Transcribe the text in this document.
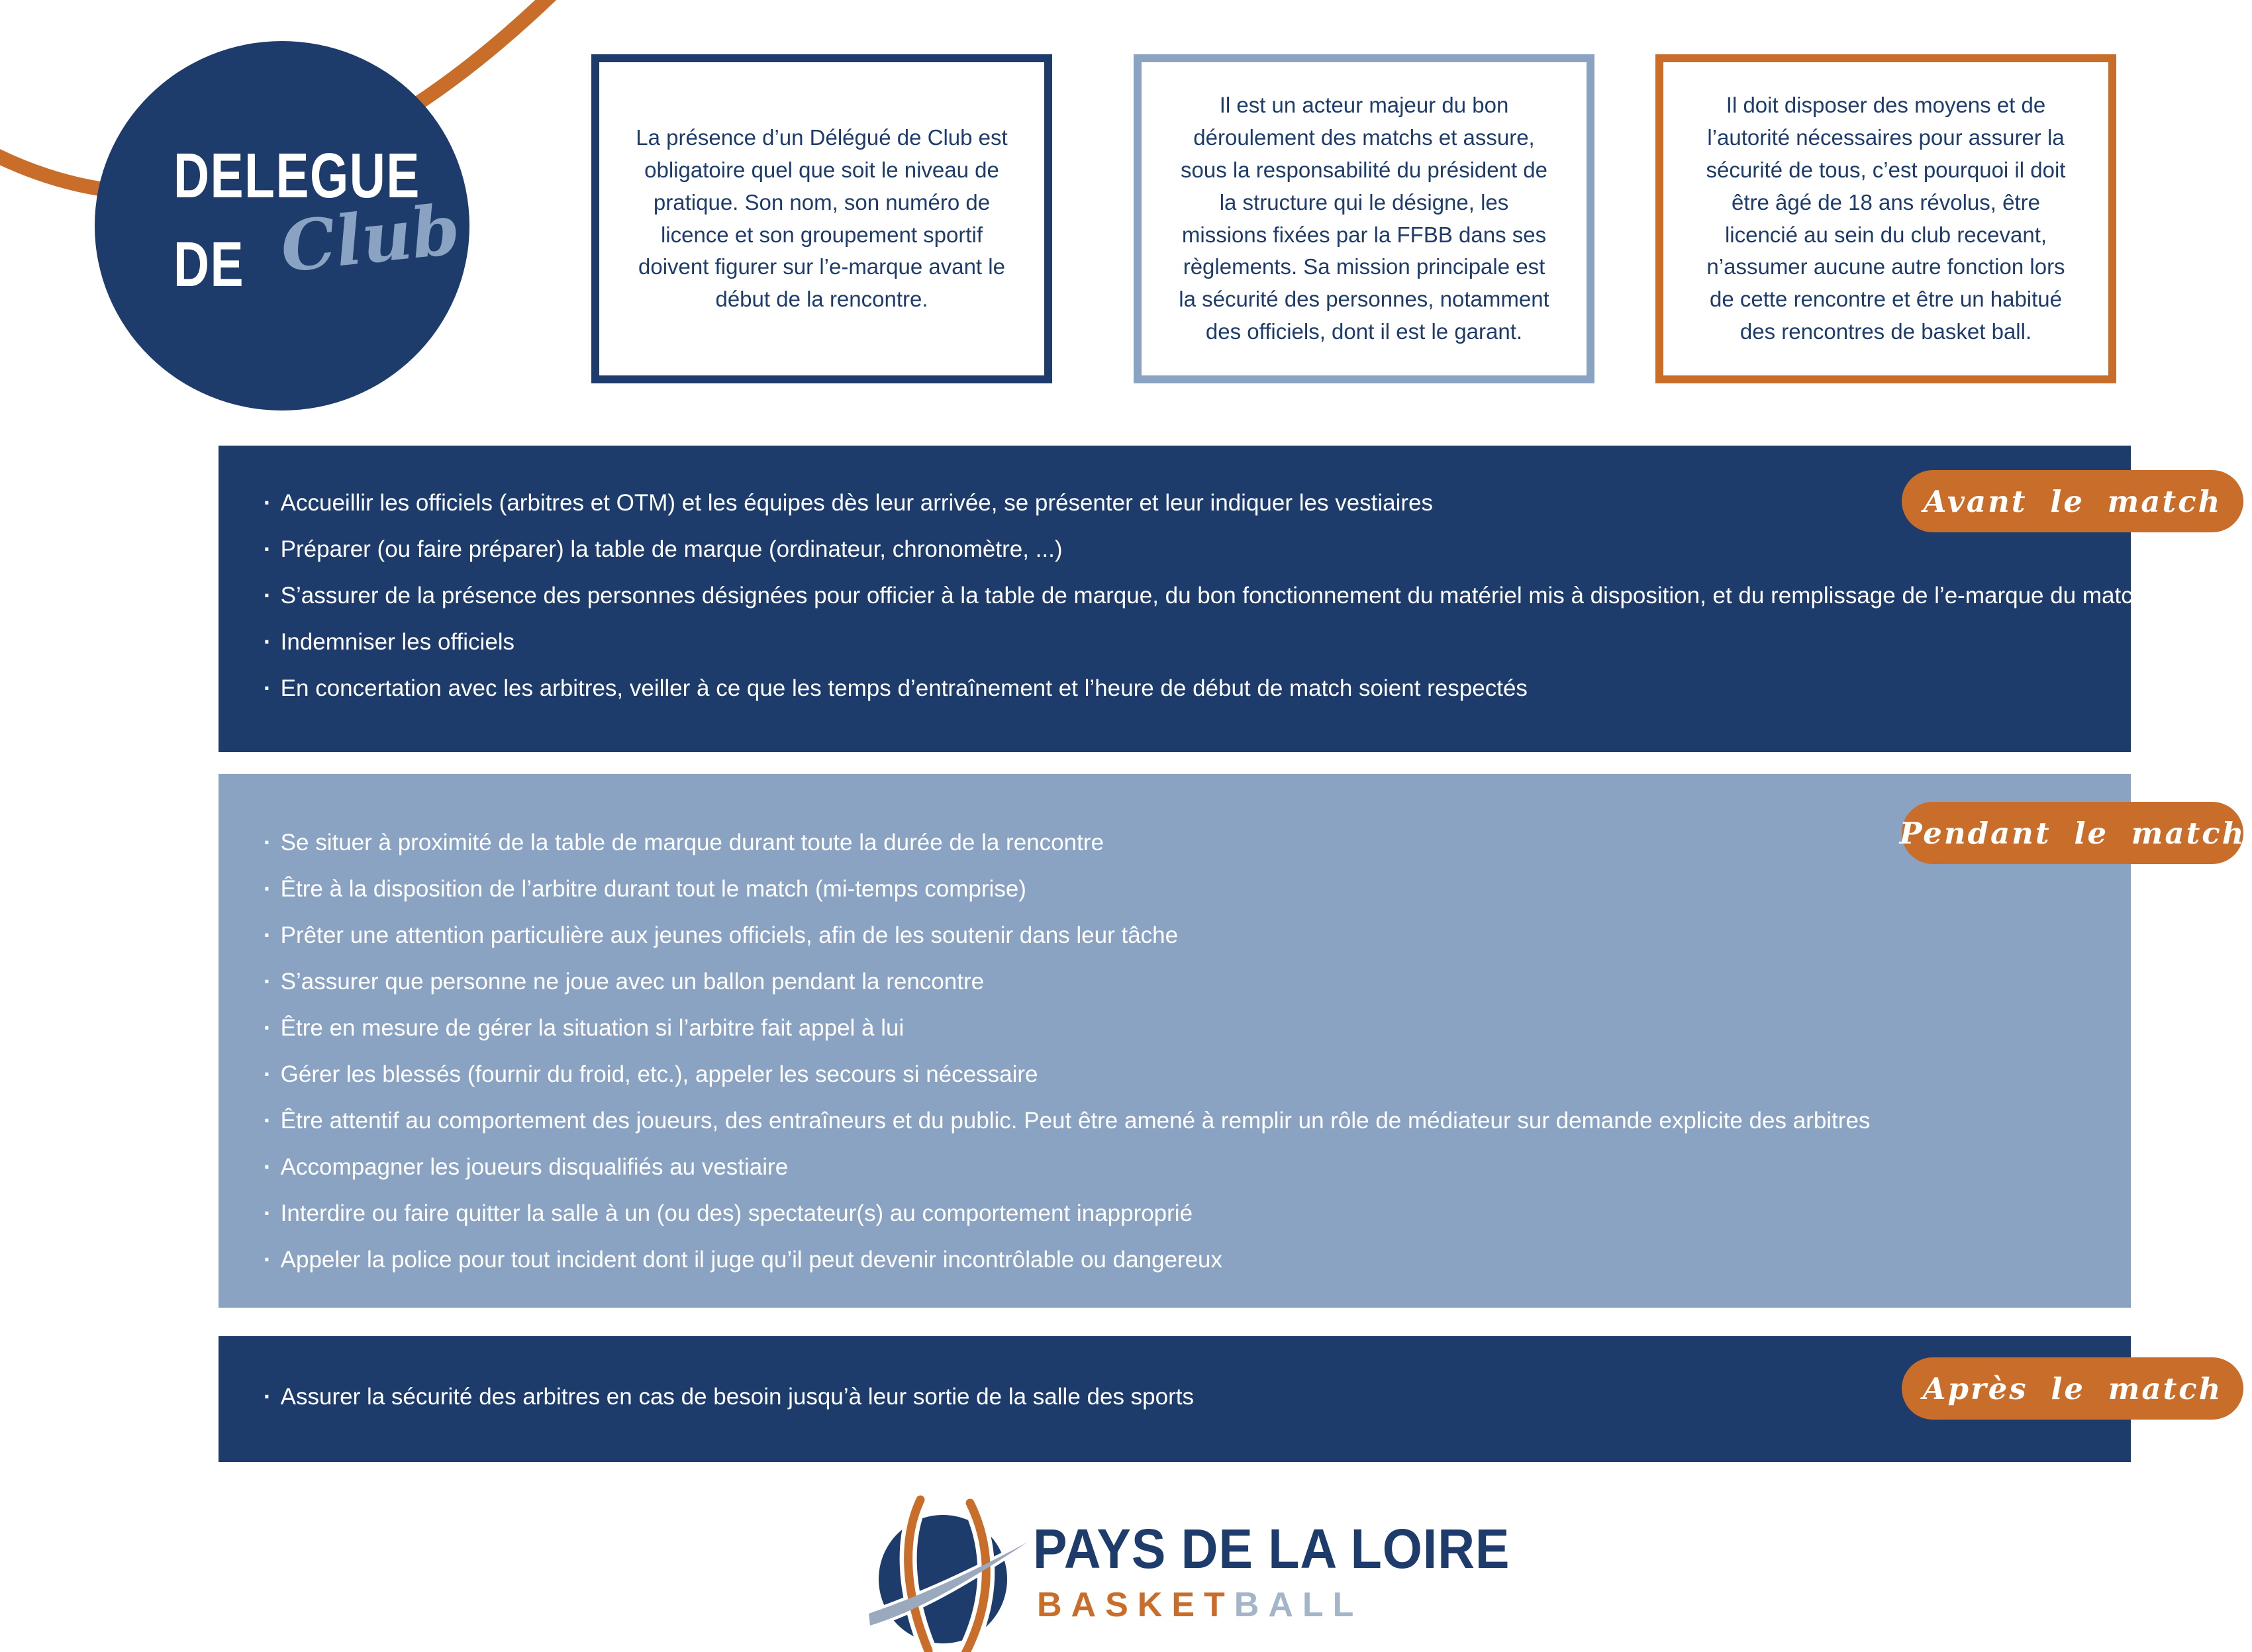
DELEGUE
DE Club
La présence d’un Délégué de Club est obligatoire quel que soit le niveau de pratique. Son nom, son numéro de licence et son groupement sportif doivent figurer sur l’e-marque avant le début de la rencontre.
Il est un acteur majeur du bon déroulement des matchs et assure, sous la responsabilité du président de la structure qui le désigne, les missions fixées par la FFBB dans ses règlements. Sa mission principale est la sécurité des personnes, notamment des officiels, dont il est le garant.
Il doit disposer des moyens et de l’autorité nécessaires pour assurer la sécurité de tous, c’est pourquoi il doit être âgé de 18 ans révolus, être licencié au sein du club recevant, n’assumer aucune autre fonction lors de cette rencontre et être un habitué des rencontres de basket ball.
· Accueillir les officiels (arbitres et OTM) et les équipes dès leur arrivée, se présenter et leur indiquer les vestiaires
· Préparer (ou faire préparer) la table de marque (ordinateur, chronomètre, ...)
· S’assurer de la présence des personnes désignées pour officier à la table de marque, du bon fonctionnement du matériel mis à disposition, et du remplissage de l’e-marque du match
· Indemniser les officiels
· En concertation avec les arbitres, veiller à ce que les temps d’entraînement et l’heure de début de match soient respectés
· Se situer à proximité de la table de marque durant toute la durée de la rencontre
· Être à la disposition de l’arbitre durant tout le match (mi-temps comprise)
· Prêter une attention particulière aux jeunes officiels, afin de les soutenir dans leur tâche
· S’assurer que personne ne joue avec un ballon pendant la rencontre
· Être en mesure de gérer la situation si l’arbitre fait appel à lui
· Gérer les blessés (fournir du froid, etc.), appeler les secours si nécessaire
· Être attentif au comportement des joueurs, des entraîneurs et du public. Peut être amené à remplir un rôle de médiateur sur demande explicite des arbitres
· Accompagner les joueurs disqualifiés au vestiaire
· Interdire ou faire quitter la salle à un (ou des) spectateur(s) au comportement inapproprié
· Appeler la police pour tout incident dont il juge qu’il peut devenir incontrôlable ou dangereux
· Assurer la sécurité des arbitres en cas de besoin jusqu’à leur sortie de la salle des sports
Avant le match
Pendant le match
Après le match
PAYS DE LA LOIRE
BASKETBALL
